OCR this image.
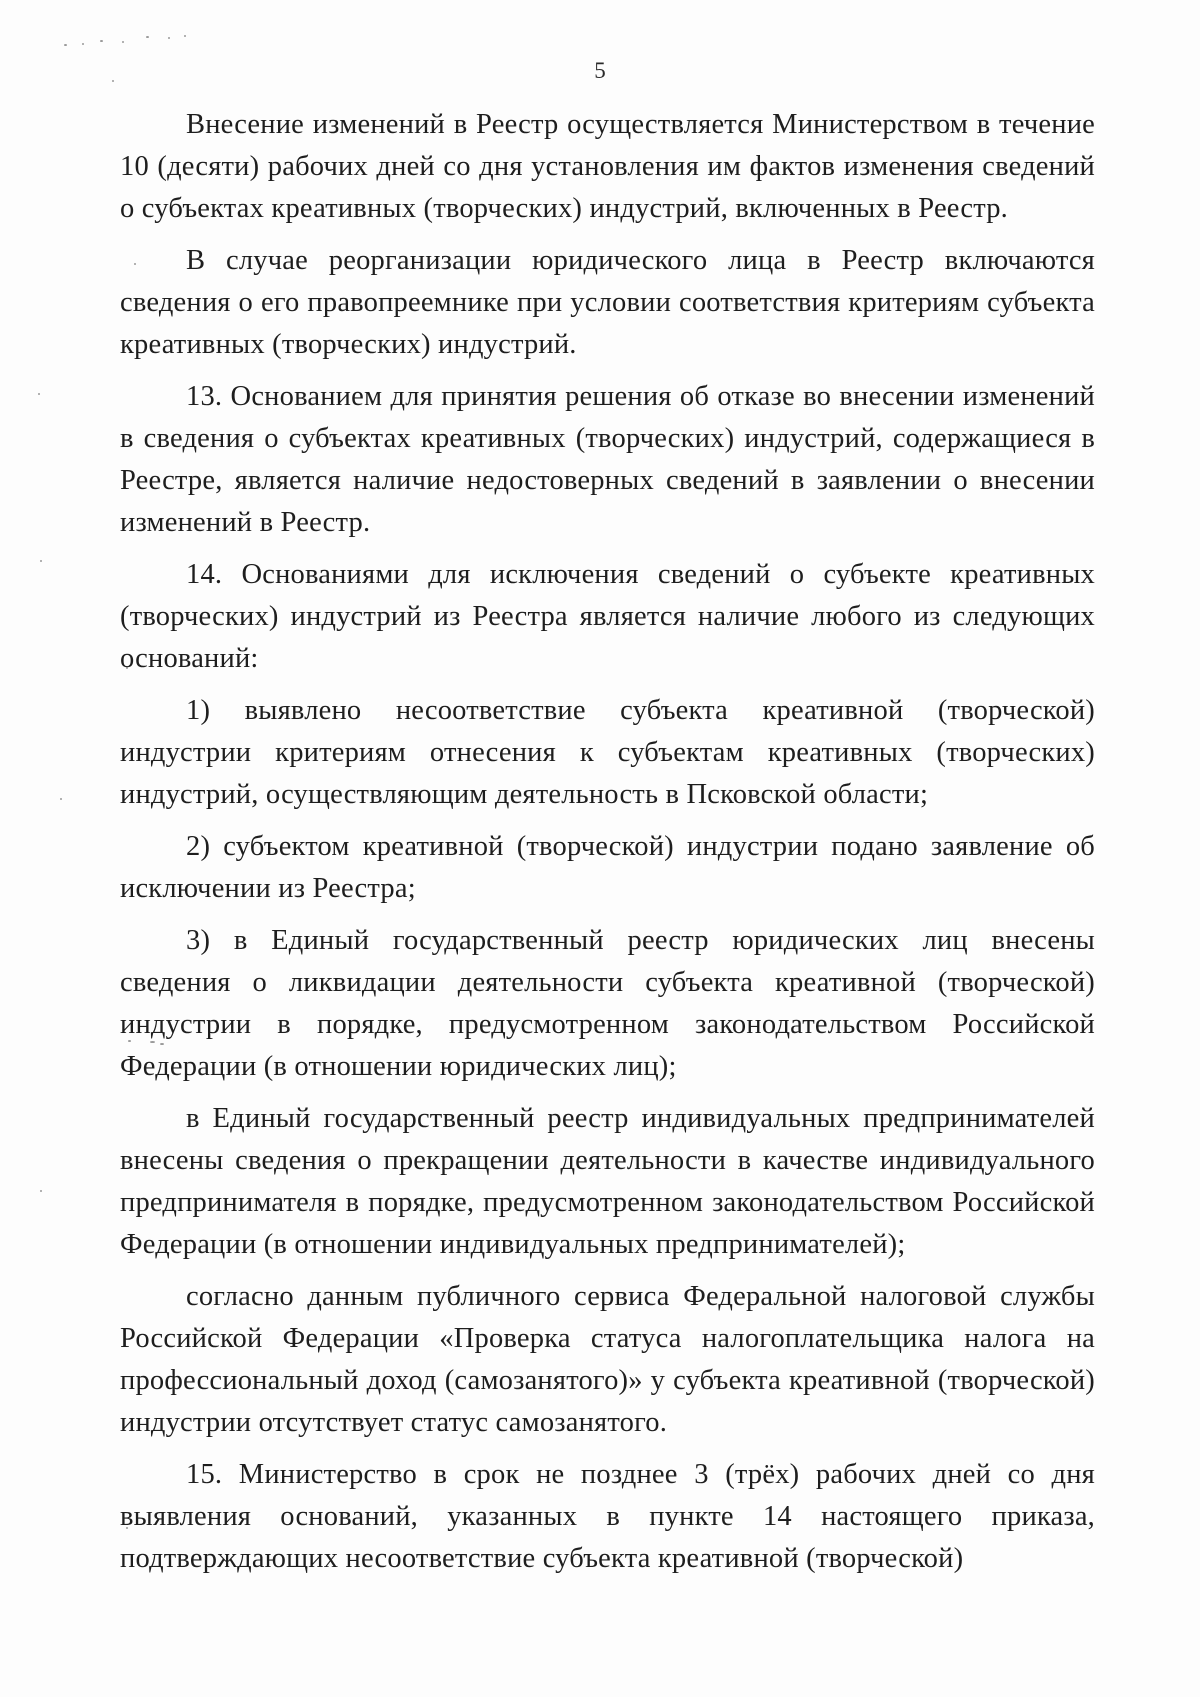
5

Внесение изменений в Реестр осуществляется Министерством в течение 10 (десяти) рабочих дней со дня установления им фактов изменения сведений о субъектах креативных (творческих) индустрий, включенных в Реестр.

В случае реорганизации юридического лица в Реестр включаются сведения о его правопреемнике при условии соответствия критериям субъекта креативных (творческих) индустрий.

13. Основанием для принятия решения об отказе во внесении изменений в сведения о субъектах креативных (творческих) индустрий, содержащиеся в Реестре, является наличие недостоверных сведений в заявлении о внесении изменений в Реестр.

14. Основаниями для исключения сведений о субъекте креативных (творческих) индустрий из Реестра является наличие любого из следующих оснований:

1) выявлено несоответствие субъекта креативной (творческой) индустрии критериям отнесения к субъектам креативных (творческих) индустрий, осуществляющим деятельность в Псковской области;

2) субъектом креативной (творческой) индустрии подано заявление об исключении из Реестра;

3) в Единый государственный реестр юридических лиц внесены сведения о ликвидации деятельности субъекта креативной (творческой) индустрии в порядке, предусмотренном законодательством Российской Федерации (в отношении юридических лиц);

в Единый государственный реестр индивидуальных предпринимателей внесены сведения о прекращении деятельности в качестве индивидуального предпринимателя в порядке, предусмотренном законодательством Российской Федерации (в отношении индивидуальных предпринимателей);

согласно данным публичного сервиса Федеральной налоговой службы Российской Федерации «Проверка статуса налогоплательщика налога на профессиональный доход (самозанятого)» у субъекта креативной (творческой) индустрии отсутствует статус самозанятого.

15. Министерство в срок не позднее 3 (трёх) рабочих дней со дня выявления оснований, указанных в пункте 14 настоящего приказа, подтверждающих несоответствие субъекта креативной (творческой)
